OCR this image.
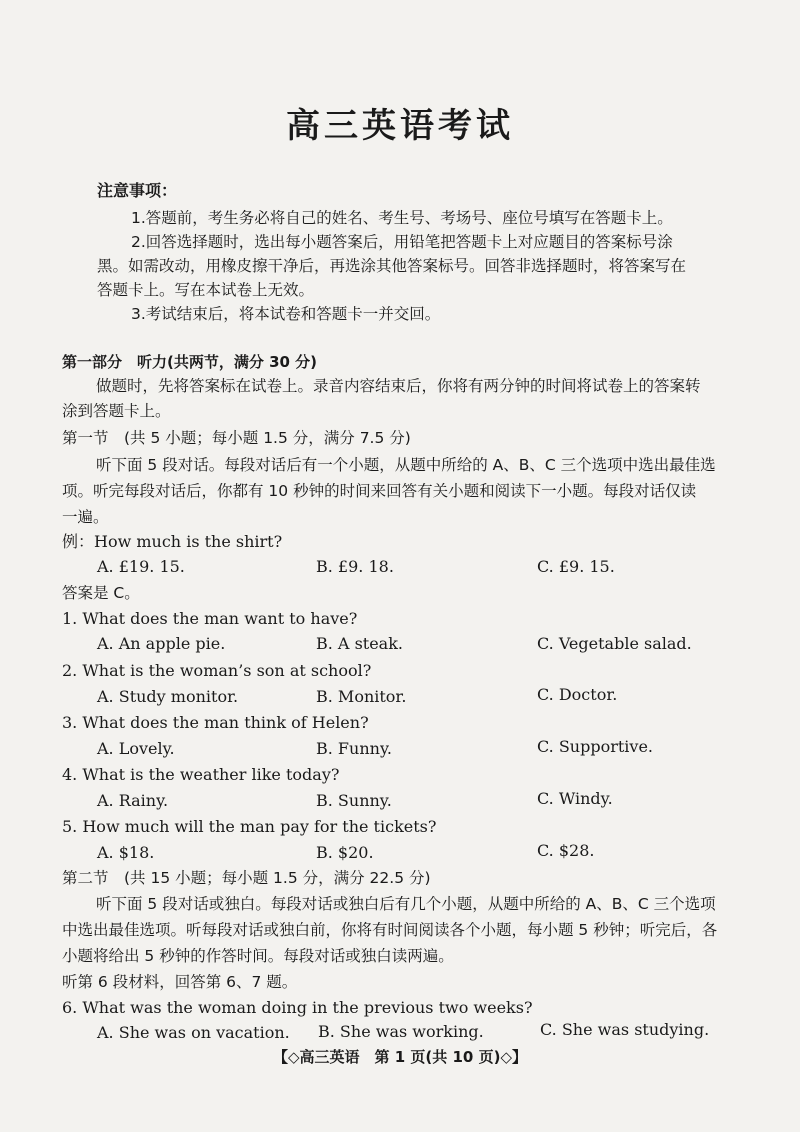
高三英语考试
注意事项：
1.答题前，考生务必将自己的姓名、考生号、考场号、座位号填写在答题卡上。
2.回答选择题时，选出每小题答案后，用铅笔把答题卡上对应题目的答案标号涂
黑。如需改动，用橡皮擦干净后，再选涂其他答案标号。回答非选择题时，将答案写在
答题卡上。写在本试卷上无效。
3.考试结束后，将本试卷和答题卡一并交回。
第一部分　听力(共两节，满分 30 分)
做题时，先将答案标在试卷上。录音内容结束后，你将有两分钟的时间将试卷上的答案转
涂到答题卡上。
第一节　(共 5 小题；每小题 1.5 分，满分 7.5 分)
听下面 5 段对话。每段对话后有一个小题，从题中所给的 A、B、C 三个选项中选出最佳选
项。听完每段对话后，你都有 10 秒钟的时间来回答有关小题和阅读下一小题。每段对话仅读
一遍。
例：How much is the shirt?
A. £19. 15.	B. £9. 18.	C. £9. 15.
答案是 C。
1. What does the man want to have?
A. An apple pie.	B. A steak.	C. Vegetable salad.
2. What is the woman’s son at school?
A. Study monitor.	B. Monitor.	C. Doctor.
3. What does the man think of Helen?
A. Lovely.	B. Funny.	C. Supportive.
4. What is the weather like today?
A. Rainy.	B. Sunny.	C. Windy.
5. How much will the man pay for the tickets?
A. $18.	B. $20.	C. $28.
第二节　(共 15 小题；每小题 1.5 分，满分 22.5 分)
听下面 5 段对话或独白。每段对话或独白后有几个小题，从题中所给的 A、B、C 三个选项
中选出最佳选项。听每段对话或独白前，你将有时间阅读各个小题，每小题 5 秒钟；听完后，各
小题将给出 5 秒钟的作答时间。每段对话或独白读两遍。
听第 6 段材料，回答第 6、7 题。
6. What was the woman doing in the previous two weeks?
A. She was on vacation. B. She was working.	C. She was studying.
【◇高三英语　第 1 页(共 10 页)◇】
